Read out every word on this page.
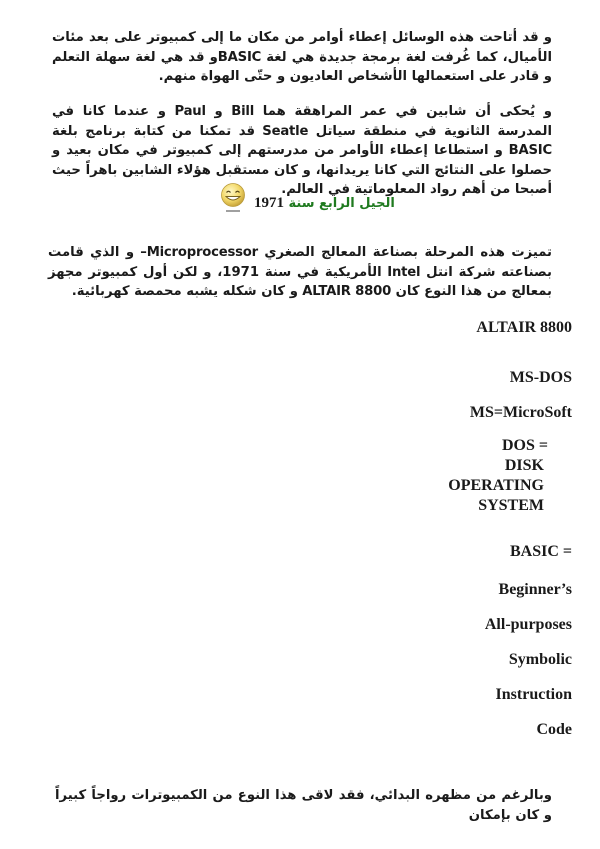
و قد أتاحت هذه الوسائل إعطاء أوامر من مكان ما إلى كمبيوتر على بعد مئات الأميال، كما غُرفت لغة برمجة جديدة هي لغة BASICو قد هي لغة سهلة التعلم و قادر على استعمالها الأشخاص العاديون و حتّى الهواة منهم.

و يُحكى أن شابين في عمر المراهقة هما Bill و Paul و عندما كانا في المدرسة الثانوية في منطقة سياتل Seatle قد تمكنا من كتابة برنامج بلغة BASIC و استطاعا إعطاء الأوامر من مدرستهم إلى كمبيوتر في مكان بعيد و حصلوا على النتائج التي كانا يريدانها، و كان مستقبل هؤلاء الشابين باهراً حيث أصبحا من أهم رواد المعلوماتية في العالم.

الجيل الرابع سنة 1971

تميزت هذه المرحلة بصناعة المعالج الصغري Microprocessor– و الذي قامت بصناعته شركة انتل Intel الأمريكية في سنة 1971، و لكن أول كمبيوتر مجهز بمعالج من هذا النوع كان ALTAIR 8800 و كان شكله يشبه محمصة كهربائية.

ALTAIR 8800
MS-DOS
MS=MicroSoft
DOS =
DISK
OPERATING
SYSTEM
BASIC =
Beginner’s
All-purposes
Symbolic
Instruction
Code

وبالرغم من مظهره البدائي، فقد لاقى هذا النوع من الكمبيوترات رواجاً كبيراً و كان بإمكان
